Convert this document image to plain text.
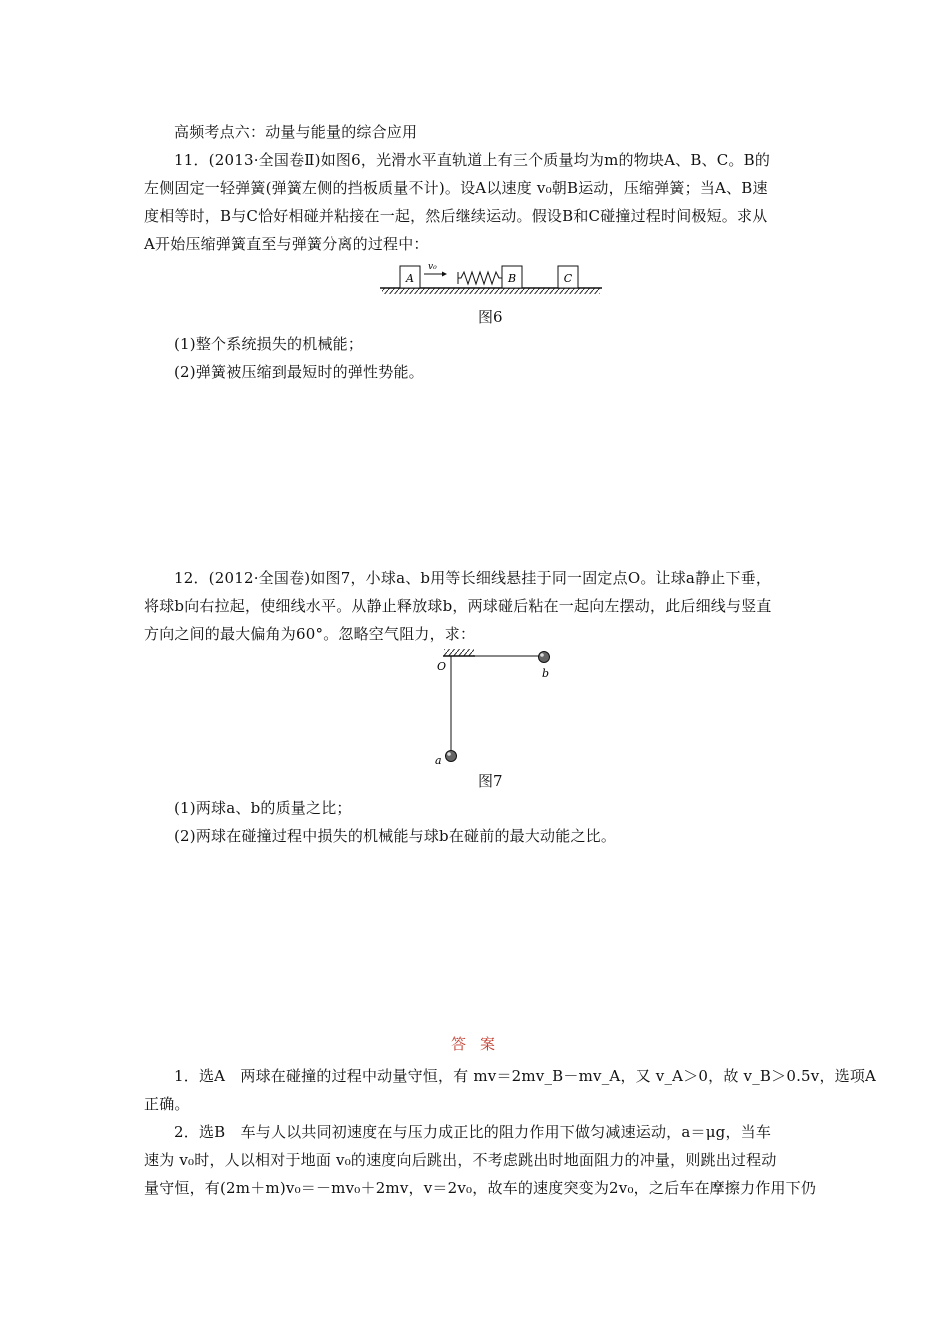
高频考点六：动量与能量的综合应用
11．(2013·全国卷Ⅱ)如图6，光滑水平直轨道上有三个质量均为m的物块A、B、C。B的
左侧固定一轻弹簧(弹簧左侧的挡板质量不计)。设A以速度 v₀朝B运动，压缩弹簧；当A、B速
度相等时，B与C恰好相碰并粘接在一起，然后继续运动。假设B和C碰撞过程时间极短。求从
A开始压缩弹簧直至与弹簧分离的过程中：
A
v₀
B	C
图6
(1)整个系统损失的机械能；
(2)弹簧被压缩到最短时的弹性势能。
12．(2012·全国卷)如图7，小球a、b用等长细线悬挂于同一固定点O。让球a静止下垂，
将球b向右拉起，使细线水平。从静止释放球b，两球碰后粘在一起向左摆动，此后细线与竖直
方向之间的最大偏角为60°。忽略空气阻力，求：
O
b
a
图7
(1)两球a、b的质量之比；
(2)两球在碰撞过程中损失的机械能与球b在碰前的最大动能之比。
答案
1．选A　两球在碰撞的过程中动量守恒，有 mv＝2mv_B－mv_A，又 v_A＞0，故 v_B＞0.5v，选项A
正确。
2．选B　车与人以共同初速度在与压力成正比的阻力作用下做匀减速运动，a＝μg，当车
速为 v₀时，人以相对于地面 v₀的速度向后跳出，不考虑跳出时地面阻力的冲量，则跳出过程动
量守恒，有(2m＋m)v₀＝－mv₀＋2mv，v＝2v₀，故车的速度突变为2v₀，之后车在摩擦力作用下仍
